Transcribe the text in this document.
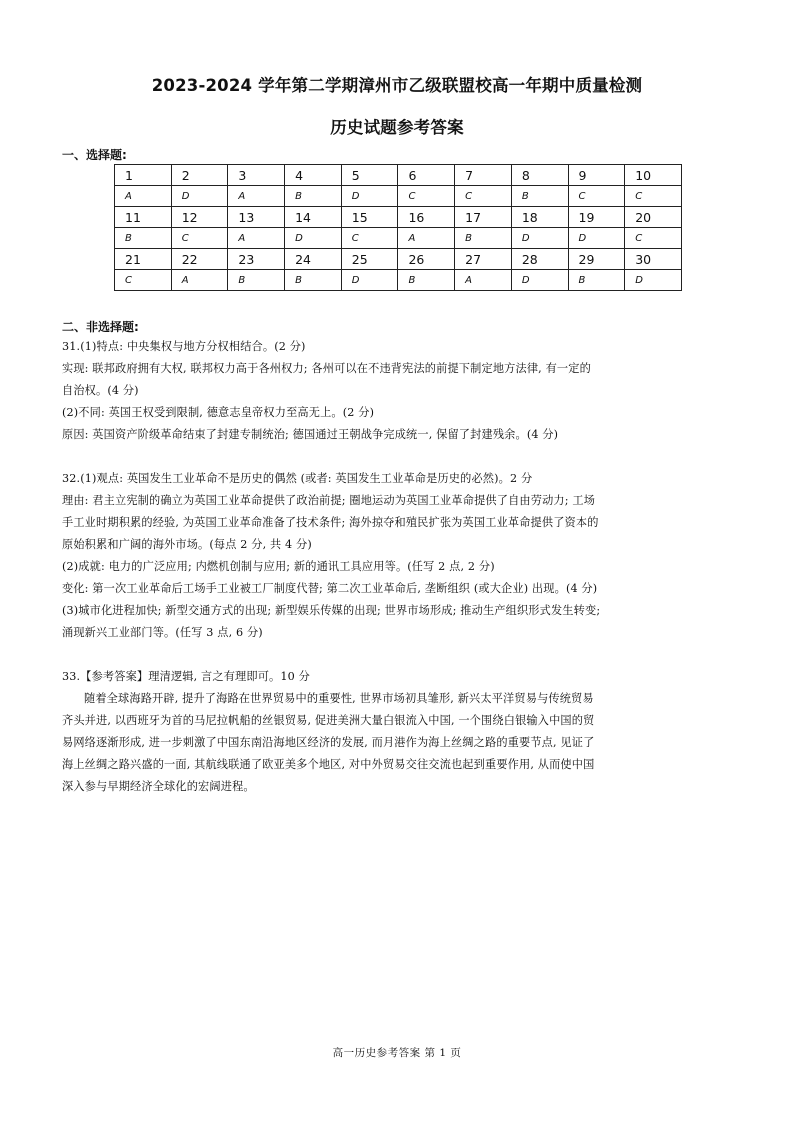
2023-2024 学年第二学期漳州市乙级联盟校高一年期中质量检测
历史试题参考答案
一、选择题:
1	2	3	4	5	6	7	8	9	10
A	D	A	B	D	C	C	B	C	C
11	12	13	14	15	16	17	18	19	20
B	C	A	D	C	A	B	D	D	C
21	22	23	24	25	26	27	28	29	30
C	A	B	B	D	B	A	D	B	D
二、非选择题:

31.(1)特点: 中央集权与地方分权相结合。(2 分)

实现: 联邦政府拥有大权, 联邦权力高于各州权力; 各州可以在不违背宪法的前提下制定地方法律, 有一定的

自治权。(4 分)

(2)不同: 英国王权受到限制, 德意志皇帝权力至高无上。(2 分)

原因: 英国资产阶级革命结束了封建专制统治; 德国通过王朝战争完成统一, 保留了封建残余。(4 分)

32.(1)观点: 英国发生工业革命不是历史的偶然 (或者: 英国发生工业革命是历史的必然)。2 分

理由: 君主立宪制的确立为英国工业革命提供了政治前提; 圈地运动为英国工业革命提供了自由劳动力; 工场

手工业时期积累的经验, 为英国工业革命准备了技术条件; 海外掠夺和殖民扩张为英国工业革命提供了资本的

原始积累和广阔的海外市场。(每点 2 分, 共 4 分)

(2)成就: 电力的广泛应用; 内燃机创制与应用; 新的通讯工具应用等。(任写 2 点, 2 分)

变化: 第一次工业革命后工场手工业被工厂制度代替; 第二次工业革命后, 垄断组织 (或大企业) 出现。(4 分)

(3)城市化进程加快; 新型交通方式的出现; 新型娱乐传媒的出现; 世界市场形成; 推动生产组织形式发生转变;

涌现新兴工业部门等。(任写 3 点, 6 分)

33.【参考答案】理清逻辑, 言之有理即可。10 分

随着全球海路开辟, 提升了海路在世界贸易中的重要性, 世界市场初具雏形, 新兴太平洋贸易与传统贸易

齐头并进, 以西班牙为首的马尼拉帆船的丝银贸易, 促进美洲大量白银流入中国, 一个围绕白银输入中国的贸

易网络逐渐形成, 进一步刺激了中国东南沿海地区经济的发展, 而月港作为海上丝绸之路的重要节点, 见证了

海上丝绸之路兴盛的一面, 其航线联通了欧亚美多个地区, 对中外贸易交往交流也起到重要作用, 从而使中国

深入参与早期经济全球化的宏阔进程。

高一历史参考答案 第 1 页
